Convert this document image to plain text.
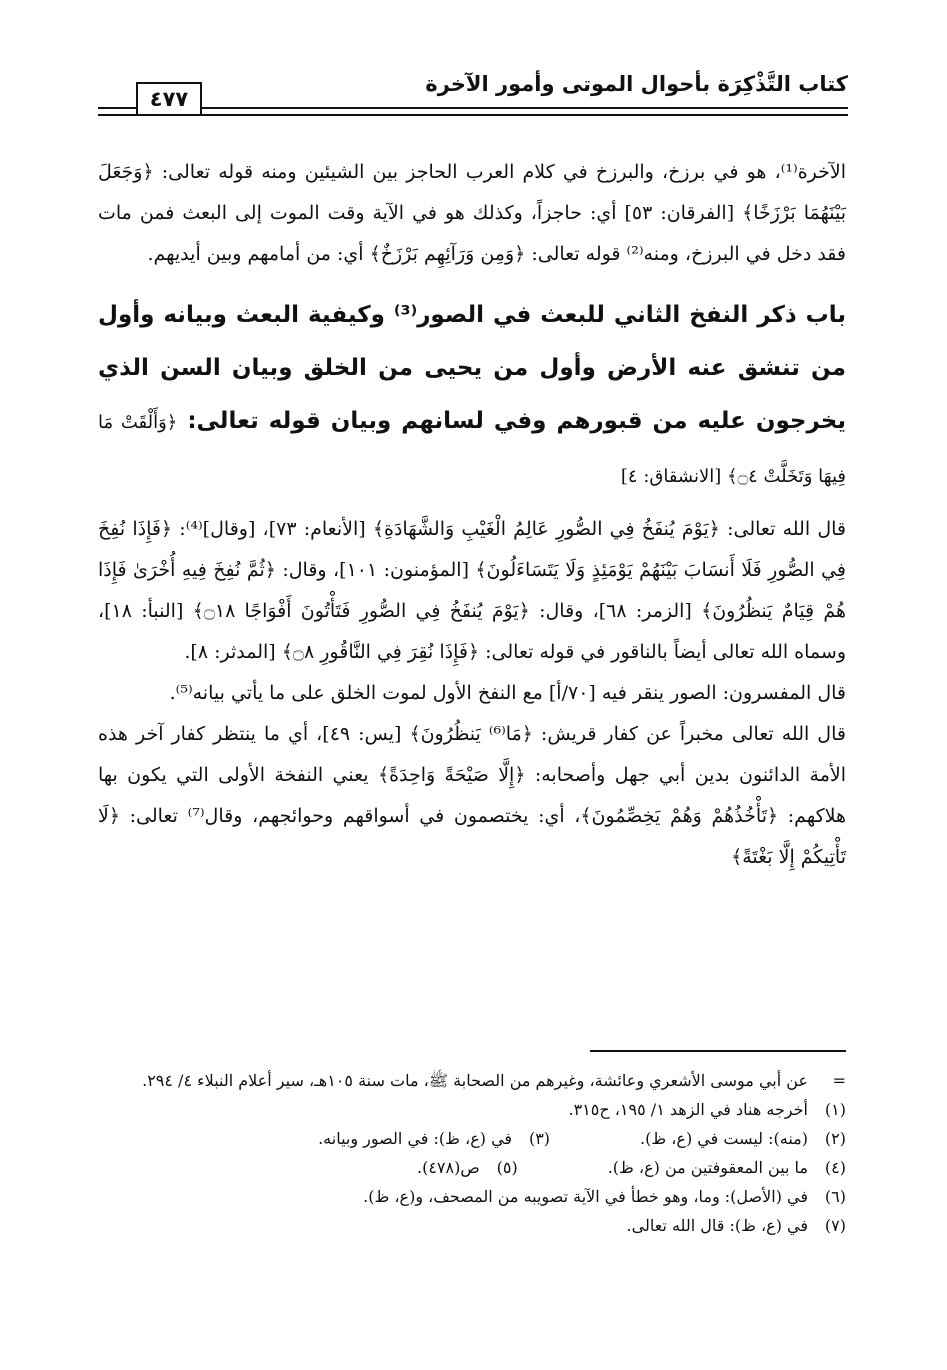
كتاب التَّذْكِرَة بأحوال الموتى وأمور الآخرة
٤٧٧

الآخرة⁽¹⁾، هو في برزخ، والبرزخ في كلام العرب الحاجز بين الشيئين ومنه قوله تعالى: ﴿وَجَعَلَ بَيْنَهُمَا بَرْزَخًا﴾ [الفرقان: ٥٣] أي: حاجزاً، وكذلك هو في الآية وقت الموت إلى البعث فمن مات فقد دخل في البرزخ، ومنه⁽²⁾ قوله تعالى: ﴿وَمِن وَرَآئِهِم بَرْزَخٌ﴾ أي: من أمامهم وبين أيديهم.

باب ذكر النفخ الثاني للبعث في الصور⁽³⁾ وكيفية البعث وبيانه وأول من تنشق عنه الأرض وأول من يحيى من الخلق وبيان السن الذي يخرجون عليه من قبورهم وفي لسانهم وبيان قوله تعالى: ﴿وَأَلْقَتْ مَا فِيهَا وَتَخَلَّتْ ۝٤﴾ [الانشقاق: ٤]

قال الله تعالى: ﴿يَوْمَ يُنفَخُ فِي الصُّورِ عَالِمُ الْغَيْبِ وَالشَّهَادَةِ﴾ [الأنعام: ٧٣]، [وقال]⁽⁴⁾: ﴿فَإِذَا نُفِخَ فِي الصُّورِ فَلَا أَنسَابَ بَيْنَهُمْ يَوْمَئِذٍ وَلَا يَتَسَاءَلُونَ﴾ [المؤمنون: ١٠١]، وقال: ﴿ثُمَّ نُفِخَ فِيهِ أُخْرَىٰ فَإِذَا هُمْ قِيَامٌ يَنظُرُونَ﴾ [الزمر: ٦٨]، وقال: ﴿يَوْمَ يُنفَخُ فِي الصُّورِ فَتَأْتُونَ أَفْوَاجًا ۝١٨﴾ [النبأ: ١٨]، وسماه الله تعالى أيضاً بالناقور في قوله تعالى: ﴿فَإِذَا نُقِرَ فِي النَّاقُورِ ۝٨﴾ [المدثر: ٨].

قال المفسرون: الصور ينقر فيه [٧٠/أ] مع النفخ الأول لموت الخلق على ما يأتي بيانه⁽⁵⁾.

قال الله تعالى مخبراً عن كفار قريش: ﴿مَا⁽⁶⁾ يَنظُرُونَ﴾ [يس: ٤٩]، أي ما ينتظر كفار آخر هذه الأمة الدائنون بدين أبي جهل وأصحابه: ﴿إِلَّا صَيْحَةً وَاحِدَةً﴾ يعني النفخة الأولى التي يكون بها هلاكهم: ﴿تَأْخُذُهُمْ وَهُمْ يَخِصِّمُونَ﴾، أي: يختصمون في أسواقهم وحوائجهم، وقال⁽⁷⁾ تعالى: ﴿لَا تَأْتِيكُمْ إِلَّا بَغْتَةً﴾

=
عن أبي موسى الأشعري وعائشة، وغيرهم من الصحابة ﷺ، مات سنة ١٠٥هـ، سير أعلام النبلاء ٤/ ٢٩٤.
(١)
أخرجه هناد في الزهد ١/ ١٩٥، ح٣١٥.
(٢)
(منه): ليست في (ع، ظ).
(٣)
في (ع، ظ): في الصور وبيانه.
(٤)
ما بين المعقوفتين من (ع، ظ).
(٥)
ص(٤٧٨).
(٦)
في (الأصل): وما، وهو خطأ في الآية تصويبه من المصحف، و(ع، ظ).
(٧)
في (ع، ظ): قال الله تعالى.
